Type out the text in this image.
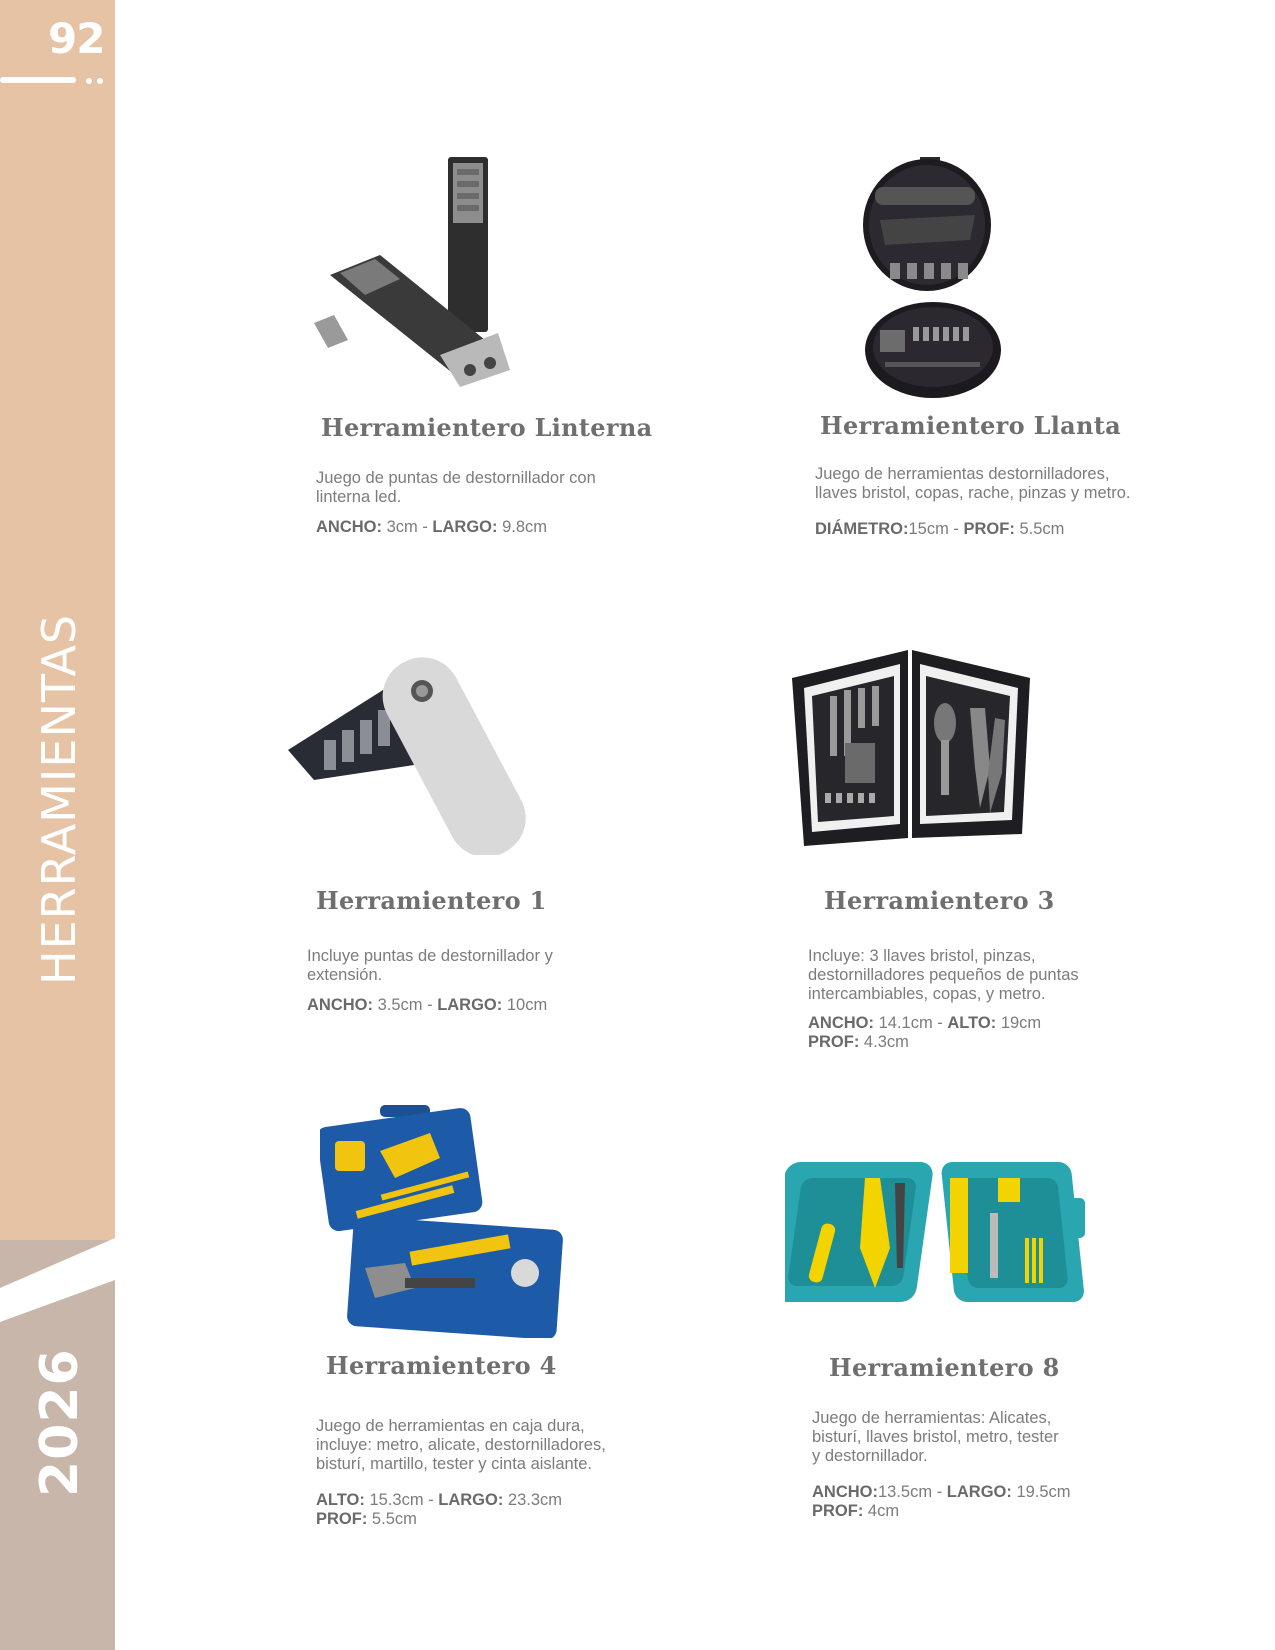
92
HERRAMIENTAS
2026
Herramientero Linterna
Juego de puntas de destornillador con
linterna led.
ANCHO: 3cm - LARGO: 9.8cm
Herramientero Llanta
Juego de herramientas destornilladores,
llaves bristol, copas, rache, pinzas y metro.
DIÁMETRO:15cm - PROF: 5.5cm
Herramientero 1
Incluye puntas de destornillador y
extensión.
ANCHO: 3.5cm - LARGO: 10cm
Herramientero 3
Incluye: 3 llaves bristol, pinzas,
destornilladores pequeños de puntas
intercambiables, copas, y metro.
ANCHO: 14.1cm - ALTO: 19cm
PROF: 4.3cm
Herramientero 4
Juego de herramientas en caja dura,
incluye: metro, alicate, destornilladores,
bisturí, martillo, tester y cinta aislante.
ALTO: 15.3cm - LARGO: 23.3cm
PROF: 5.5cm
Herramientero 8
Juego de herramientas: Alicates,
bisturí, llaves bristol, metro, tester
y destornillador.
ANCHO:13.5cm - LARGO: 19.5cm
PROF: 4cm
